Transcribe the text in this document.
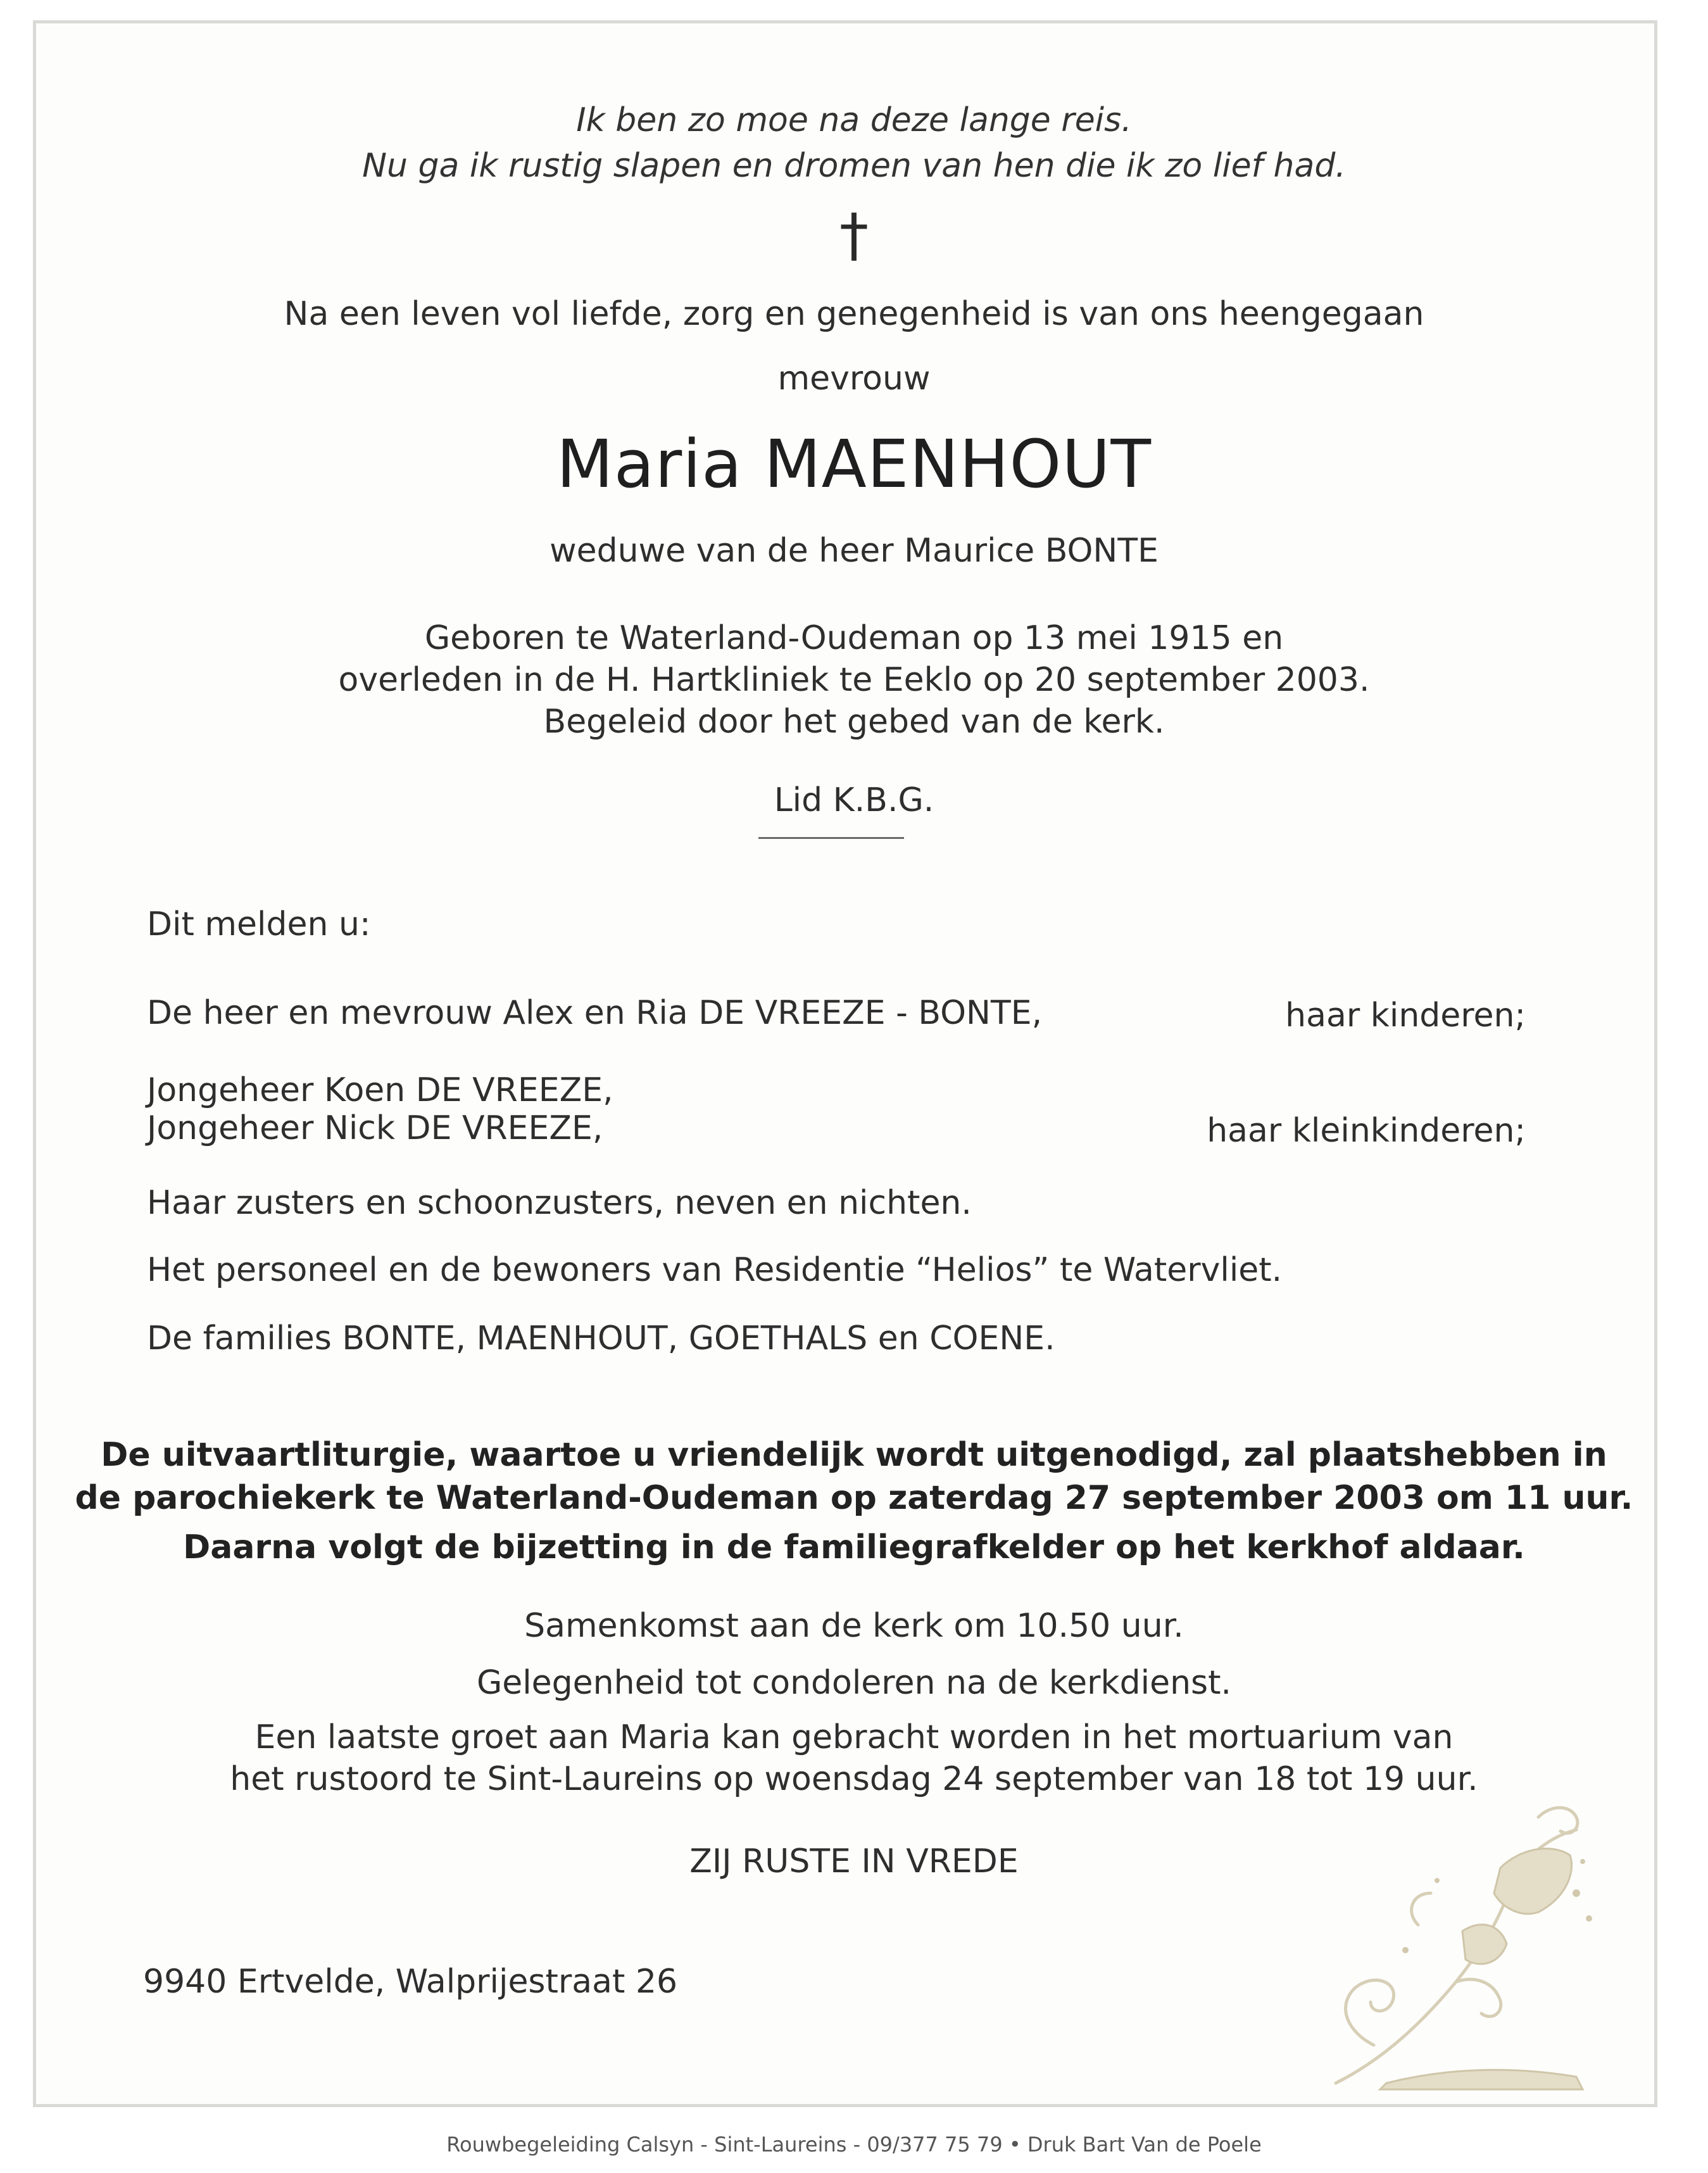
Ik ben zo moe na deze lange reis.
Nu ga ik rustig slapen en dromen van hen die ik zo lief had.
†
Na een leven vol liefde, zorg en genegenheid is van ons heengegaan
mevrouw
Maria MAENHOUT
weduwe van de heer Maurice BONTE
Geboren te Waterland-Oudeman op 13 mei 1915 en
overleden in de H. Hartkliniek te Eeklo op 20 september 2003.
Begeleid door het gebed van de kerk.
Lid K.B.G.
Dit melden u:
De heer en mevrouw Alex en Ria DE VREEZE - BONTE,	haar kinderen;
Jongeheer Koen DE VREEZE,
Jongeheer Nick DE VREEZE,	haar kleinkinderen;
Haar zusters en schoonzusters, neven en nichten.
Het personeel en de bewoners van Residentie “Helios” te Watervliet.
De families BONTE, MAENHOUT, GOETHALS en COENE.
De uitvaartliturgie, waartoe u vriendelijk wordt uitgenodigd, zal plaatshebben in
de parochiekerk te Waterland-Oudeman op zaterdag 27 september 2003 om 11 uur.
Daarna volgt de bijzetting in de familiegrafkelder op het kerkhof aldaar.
Samenkomst aan de kerk om 10.50 uur.
Gelegenheid tot condoleren na de kerkdienst.
Een laatste groet aan Maria kan gebracht worden in het mortuarium van
het rustoord te Sint-Laureins op woensdag 24 september van 18 tot 19 uur.
ZIJ RUSTE IN VREDE
9940 Ertvelde, Walprijestraat 26
Rouwbegeleiding Calsyn - Sint-Laureins - 09/377 75 79 • Druk Bart Van de Poele
